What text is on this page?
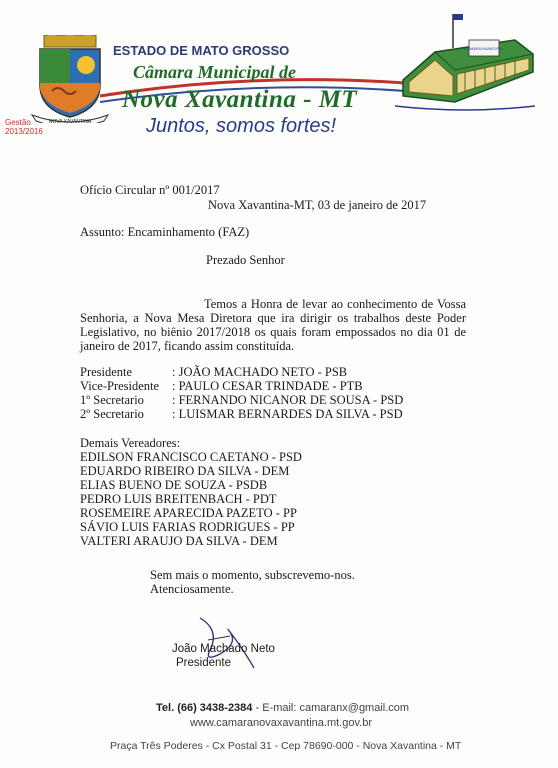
NOVA XAVANTINA
ESTADO DE MATO GROSSO
Câmara Municipal de
Nova Xavantina - MT
Juntos, somos fortes!
Gestão
2013/2016
CÂMARA MUNICIPAL
Ofício Circular nº 001/2017
Nova Xavantina-MT, 03 de janeiro de 2017
Assunto: Encaminhamento (FAZ)
Prezado Senhor
Temos a Honra de levar ao conhecimento de Vossa Senhoria, a Nova Mesa Diretora que ira dirigir os trabalhos deste Poder Legislativo, no biênio 2017/2018 os quais foram empossados no dia 01 de janeiro de 2017, ficando assim constituída.
Presidente	: JOÃO MACHADO NETO - PSB
Vice-Presidente : PAULO CESAR TRINDADE - PTB
1º Secretario : FERNANDO NICANOR DE SOUSA - PSD
2º Secretario : LUISMAR BERNARDES DA SILVA - PSD
Demais Vereadores:
EDILSON FRANCISCO CAETANO - PSD
EDUARDO RIBEIRO DA SILVA - DEM
ELIAS BUENO DE SOUZA - PSDB
PEDRO LUIS BREITENBACH - PDT
ROSEMEIRE APARECIDA PAZETO - PP
SÁVIO LUIS FARIAS RODRIGUES - PP
VALTERI ARAUJO DA SILVA - DEM
Sem mais o momento, subscrevemo-nos.
Atenciosamente.
João Machado Neto
Presidente
Tel. (66) 3438-2384 - E-mail: camaranx@gmail.com
www.camaranovaxavantina.mt.gov.br
Praça Três Poderes - Cx Postal 31 - Cep 78690-000 - Nova Xavantina - MT
